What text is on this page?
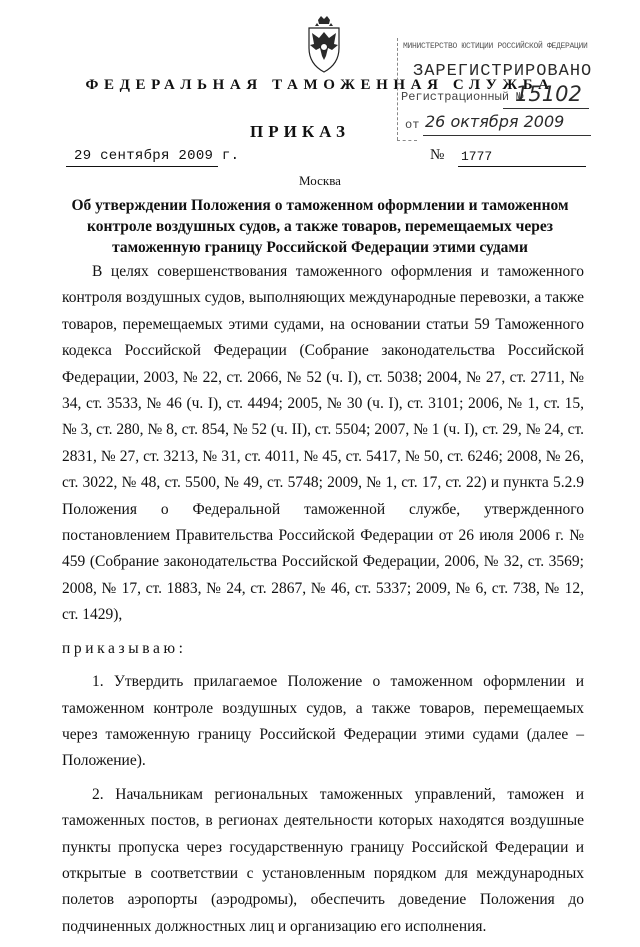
ФЕДЕРАЛЬНАЯ ТАМОЖЕННАЯ СЛУЖБА
МИНИСТЕРСТВО ЮСТИЦИИ РОССИЙСКОЙ ФЕДЕРАЦИИ
ЗАРЕГИСТРИРОВАНО
Регистрационный №
15102
от 26 октября 2009
ПРИКАЗ
29 сентября 2009 г.	№ 1777
Москва
Об утверждении Положения о таможенном оформлении и таможенном контроле воздушных судов, а также товаров, перемещаемых через таможенную границу Российской Федерации этими судами

В целях совершенствования таможенного оформления и таможенного контроля воздушных судов, выполняющих международные перевозки, а также товаров, перемещаемых этими судами, на основании статьи 59 Таможенного кодекса Российской Федерации (Собрание законодательства Российской Федерации, 2003, № 22, ст. 2066, № 52 (ч. I), ст. 5038; 2004, № 27, ст. 2711, № 34, ст. 3533, № 46 (ч. I), ст. 4494; 2005, № 30 (ч. I), ст. 3101; 2006, № 1, ст. 15, № 3, ст. 280, № 8, ст. 854, № 52 (ч. II), ст. 5504; 2007, № 1 (ч. I), ст. 29, № 24, ст. 2831, № 27, ст. 3213, № 31, ст. 4011, № 45, ст. 5417, № 50, ст. 6246; 2008, № 26, ст. 3022, № 48, ст. 5500, № 49, ст. 5748; 2009, № 1, ст. 17, ст. 22) и пункта 5.2.9 Положения о Федеральной таможенной службе, утвержденного постановлением Правительства Российской Федерации от 26 июля 2006 г. № 459 (Собрание законодательства Российской Федерации, 2006, № 32, ст. 3569; 2008, № 17, ст. 1883, № 24, ст. 2867, № 46, ст. 5337; 2009, № 6, ст. 738, № 12, ст. 1429),

приказываю:

1. Утвердить прилагаемое Положение о таможенном оформлении и таможенном контроле воздушных судов, а также товаров, перемещаемых через таможенную границу Российской Федерации этими судами (далее – Положение).

2. Начальникам региональных таможенных управлений, таможен и таможенных постов, в регионах деятельности которых находятся воздушные пункты пропуска через государственную границу Российской Федерации и открытые в соответствии с установленным порядком для международных полетов аэропорты (аэродромы), обеспечить доведение Положения до подчиненных должностных лиц и организацию его исполнения.
